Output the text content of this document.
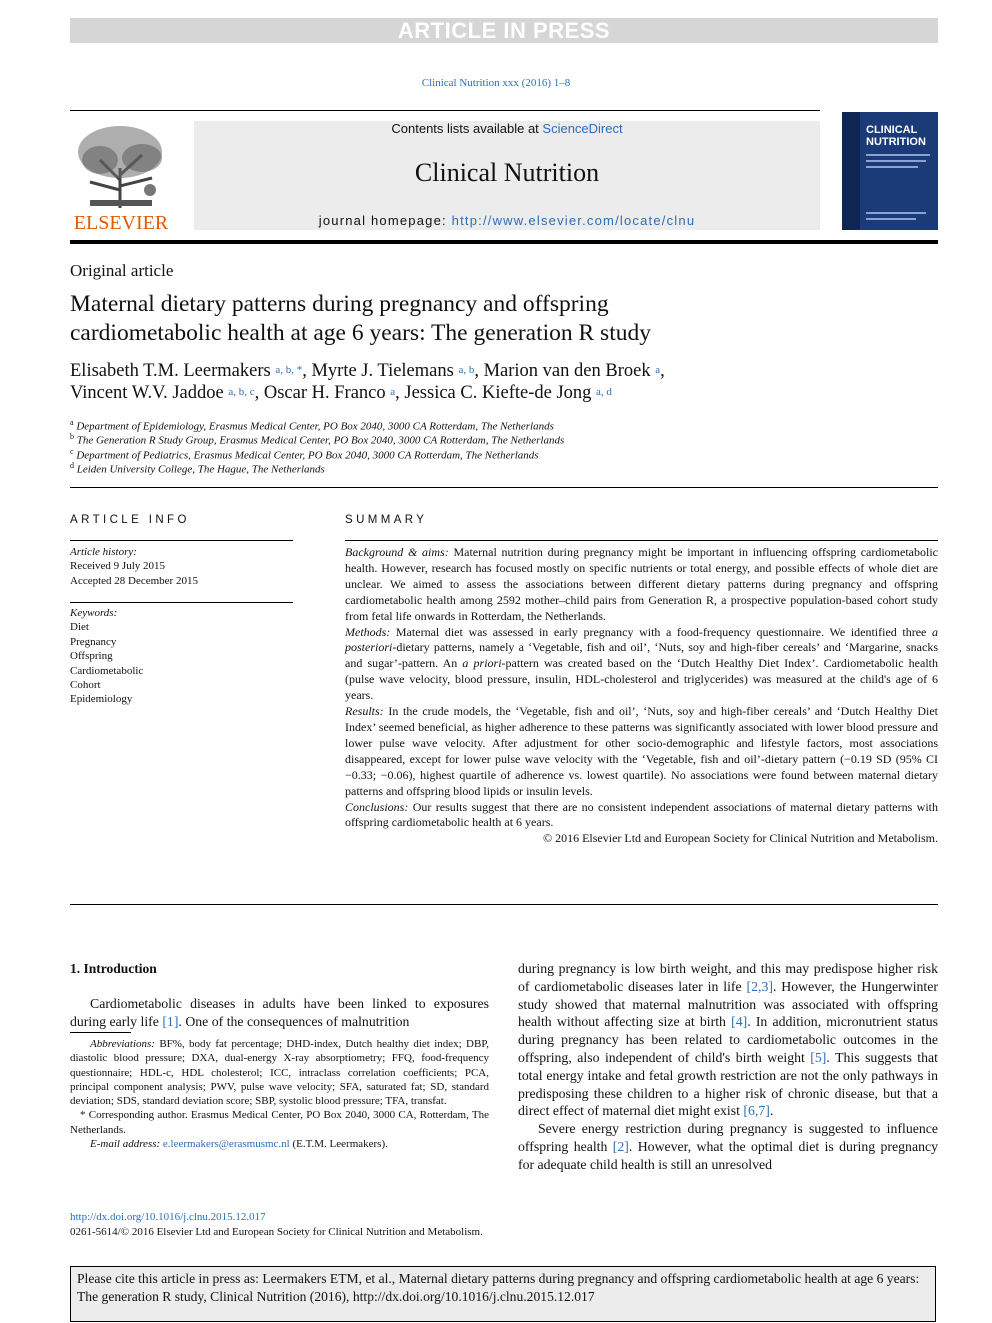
ARTICLE IN PRESS
Clinical Nutrition xxx (2016) 1–8
ELSEVIER
Contents lists available at ScienceDirect
Clinical Nutrition
journal homepage: http://www.elsevier.com/locate/clnu
CLINICAL
NUTRITION
Original article
Maternal dietary patterns during pregnancy and offspring
cardiometabolic health at age 6 years: The generation R study
Elisabeth T.M. Leermakers $^{a, b, *}$, Myrte J. Tielemans $^{a, b}$, Marion van den Broek $^a$,
Vincent W.V. Jaddoe $^{a, b, c}$, Oscar H. Franco $^a$, Jessica C. Kiefte-de Jong $^{a, d}$
$^a$ Department of Epidemiology, Erasmus Medical Center, PO Box 2040, 3000 CA Rotterdam, The Netherlands
$^b$ The Generation R Study Group, Erasmus Medical Center, PO Box 2040, 3000 CA Rotterdam, The Netherlands
$^c$ Department of Pediatrics, Erasmus Medical Center, PO Box 2040, 3000 CA Rotterdam, The Netherlands
$^d$ Leiden University College, The Hague, The Netherlands
ARTICLE INFO
Article history:
Received 9 July 2015
Accepted 28 December 2015
Keywords:
Diet
Pregnancy
Offspring
Cardiometabolic
Cohort
Epidemiology
SUMMARY

Background & aims: Maternal nutrition during pregnancy might be important in influencing offspring cardiometabolic health. However, research has focused mostly on specific nutrients or total energy, and possible effects of whole diet are unclear. We aimed to assess the associations between different dietary patterns during pregnancy and offspring cardiometabolic health among 2592 mother–child pairs from Generation R, a prospective population-based cohort study from fetal life onwards in Rotterdam, the Netherlands.

Methods: Maternal diet was assessed in early pregnancy with a food-frequency questionnaire. We identified three a posteriori-dietary patterns, namely a ‘Vegetable, fish and oil’, ‘Nuts, soy and high-fiber cereals’ and ‘Margarine, snacks and sugar’-pattern. An a priori-pattern was created based on the ‘Dutch Healthy Diet Index’. Cardiometabolic health (pulse wave velocity, blood pressure, insulin, HDL-cholesterol and triglycerides) was measured at the child's age of 6 years.

Results: In the crude models, the ‘Vegetable, fish and oil’, ‘Nuts, soy and high-fiber cereals’ and ‘Dutch Healthy Diet Index’ seemed beneficial, as higher adherence to these patterns was significantly associated with lower blood pressure and lower pulse wave velocity. After adjustment for other socio-demographic and lifestyle factors, most associations disappeared, except for lower pulse wave velocity with the ‘Vegetable, fish and oil’-dietary pattern (−0.19 SD (95% CI −0.33; −0.06), highest quartile of adherence vs. lowest quartile). No associations were found between maternal dietary patterns and offspring blood lipids or insulin levels.

Conclusions: Our results suggest that there are no consistent independent associations of maternal dietary patterns with offspring cardiometabolic health at 6 years.

© 2016 Elsevier Ltd and European Society for Clinical Nutrition and Metabolism.

1. Introduction

Cardiometabolic diseases in adults have been linked to exposures during early life [1]. One of the consequences of malnutrition

Abbreviations: BF%, body fat percentage; DHD-index, Dutch healthy diet index; DBP, diastolic blood pressure; DXA, dual-energy X-ray absorptiometry; FFQ, food-frequency questionnaire; HDL-c, HDL cholesterol; ICC, intraclass correlation coefficients; PCA, principal component analysis; PWV, pulse wave velocity; SFA, saturated fat; SD, standard deviation; SDS, standard deviation score; SBP, systolic blood pressure; TFA, transfat.

* Corresponding author. Erasmus Medical Center, PO Box 2040, 3000 CA, Rotterdam, The Netherlands.

E-mail address: e.leermakers@erasmusmc.nl (E.T.M. Leermakers).

during pregnancy is low birth weight, and this may predispose higher risk of cardiometabolic diseases later in life [2,3]. However, the Hungerwinter study showed that maternal malnutrition was associated with offspring health without affecting size at birth [4]. In addition, micronutrient status during pregnancy has been related to cardiometabolic outcomes in the offspring, also independent of child's birth weight [5]. This suggests that total energy intake and fetal growth restriction are not the only pathways in predisposing these children to a higher risk of chronic disease, but that a direct effect of maternal diet might exist [6,7].

Severe energy restriction during pregnancy is suggested to influence offspring health [2]. However, what the optimal diet is during pregnancy for adequate child health is still an unresolved

http://dx.doi.org/10.1016/j.clnu.2015.12.017
0261-5614/© 2016 Elsevier Ltd and European Society for Clinical Nutrition and Metabolism.
Please cite this article in press as: Leermakers ETM, et al., Maternal dietary patterns during pregnancy and offspring cardiometabolic health at age 6 years: The generation R study, Clinical Nutrition (2016), http://dx.doi.org/10.1016/j.clnu.2015.12.017
